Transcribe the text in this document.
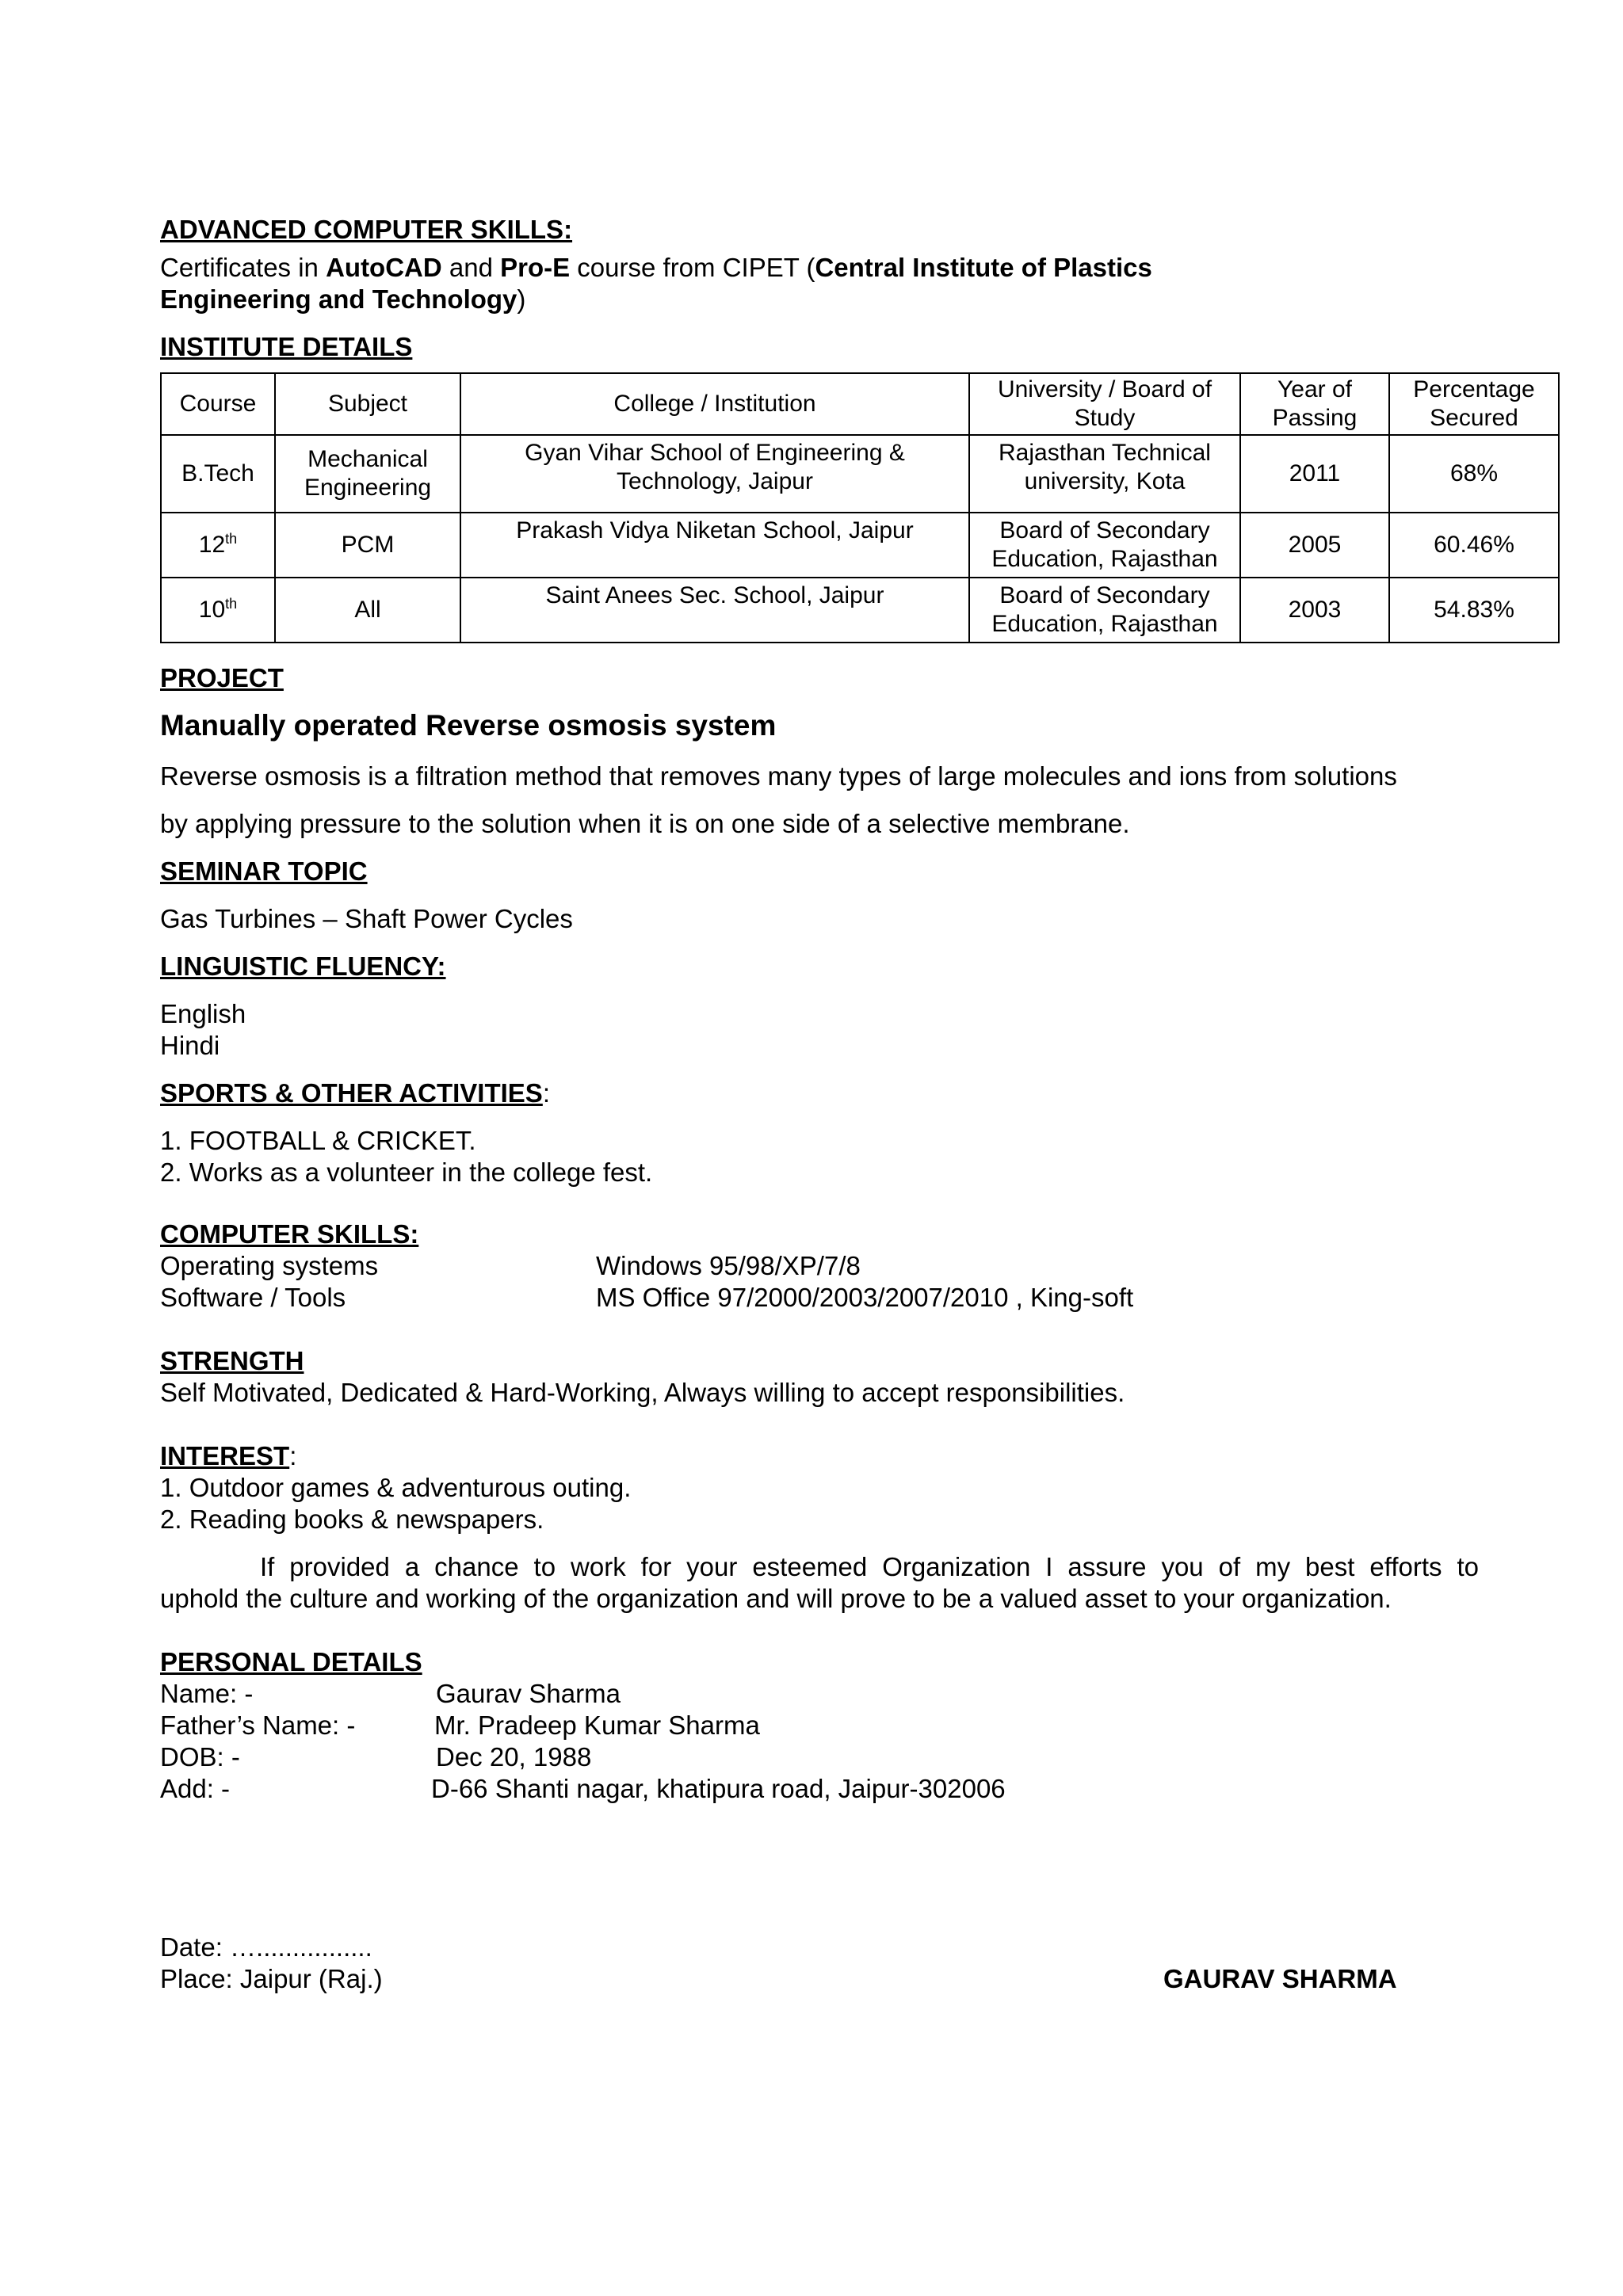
ADVANCED COMPUTER SKILLS:
Certificates in AutoCAD and Pro-E course from CIPET (Central Institute of Plastics
Engineering and Technology)
INSTITUTE DETAILS
Course	Subject	College / Institution	University / Board of Study	Year of Passing	Percentage Secured
B.Tech	Mechanical Engineering	Gyan Vihar School of Engineering & Technology, Jaipur	Rajasthan Technical university, Kota	2011	68%
12th	PCM	Prakash Vidya Niketan School, Jaipur	Board of Secondary Education, Rajasthan	2005	60.46%
10th	All	Saint Anees Sec. School, Jaipur	Board of Secondary Education, Rajasthan	2003	54.83%
PROJECT
Manually operated Reverse osmosis system
Reverse osmosis is a filtration method that removes many types of large molecules and ions from solutions
by applying pressure to the solution when it is on one side of a selective membrane.
SEMINAR TOPIC
Gas Turbines – Shaft Power Cycles
LINGUISTIC FLUENCY:
English
Hindi
SPORTS & OTHER ACTIVITIES:
1. FOOTBALL & CRICKET.
2. Works as a volunteer in the college fest.
COMPUTER SKILLS:
Operating systems	Windows 95/98/XP/7/8
Software / Tools	MS Office 97/2000/2003/2007/2010 , King-soft
STRENGTH
Self Motivated, Dedicated & Hard-Working, Always willing to accept responsibilities.
INTEREST:
1. Outdoor games & adventurous outing.
2. Reading books & newspapers.
If provided a chance to work for your esteemed Organization I assure you of my best efforts to
uphold the culture and working of the organization and will prove to be a valued asset to your organization.
PERSONAL DETAILS
Name: -	Gaurav Sharma
Father’s Name: -	Mr. Pradeep Kumar Sharma
DOB: -	Dec 20, 1988
Add: -	D-66 Shanti nagar, khatipura road, Jaipur-302006
Date: …................
Place: Jaipur (Raj.)	GAURAV SHARMA
